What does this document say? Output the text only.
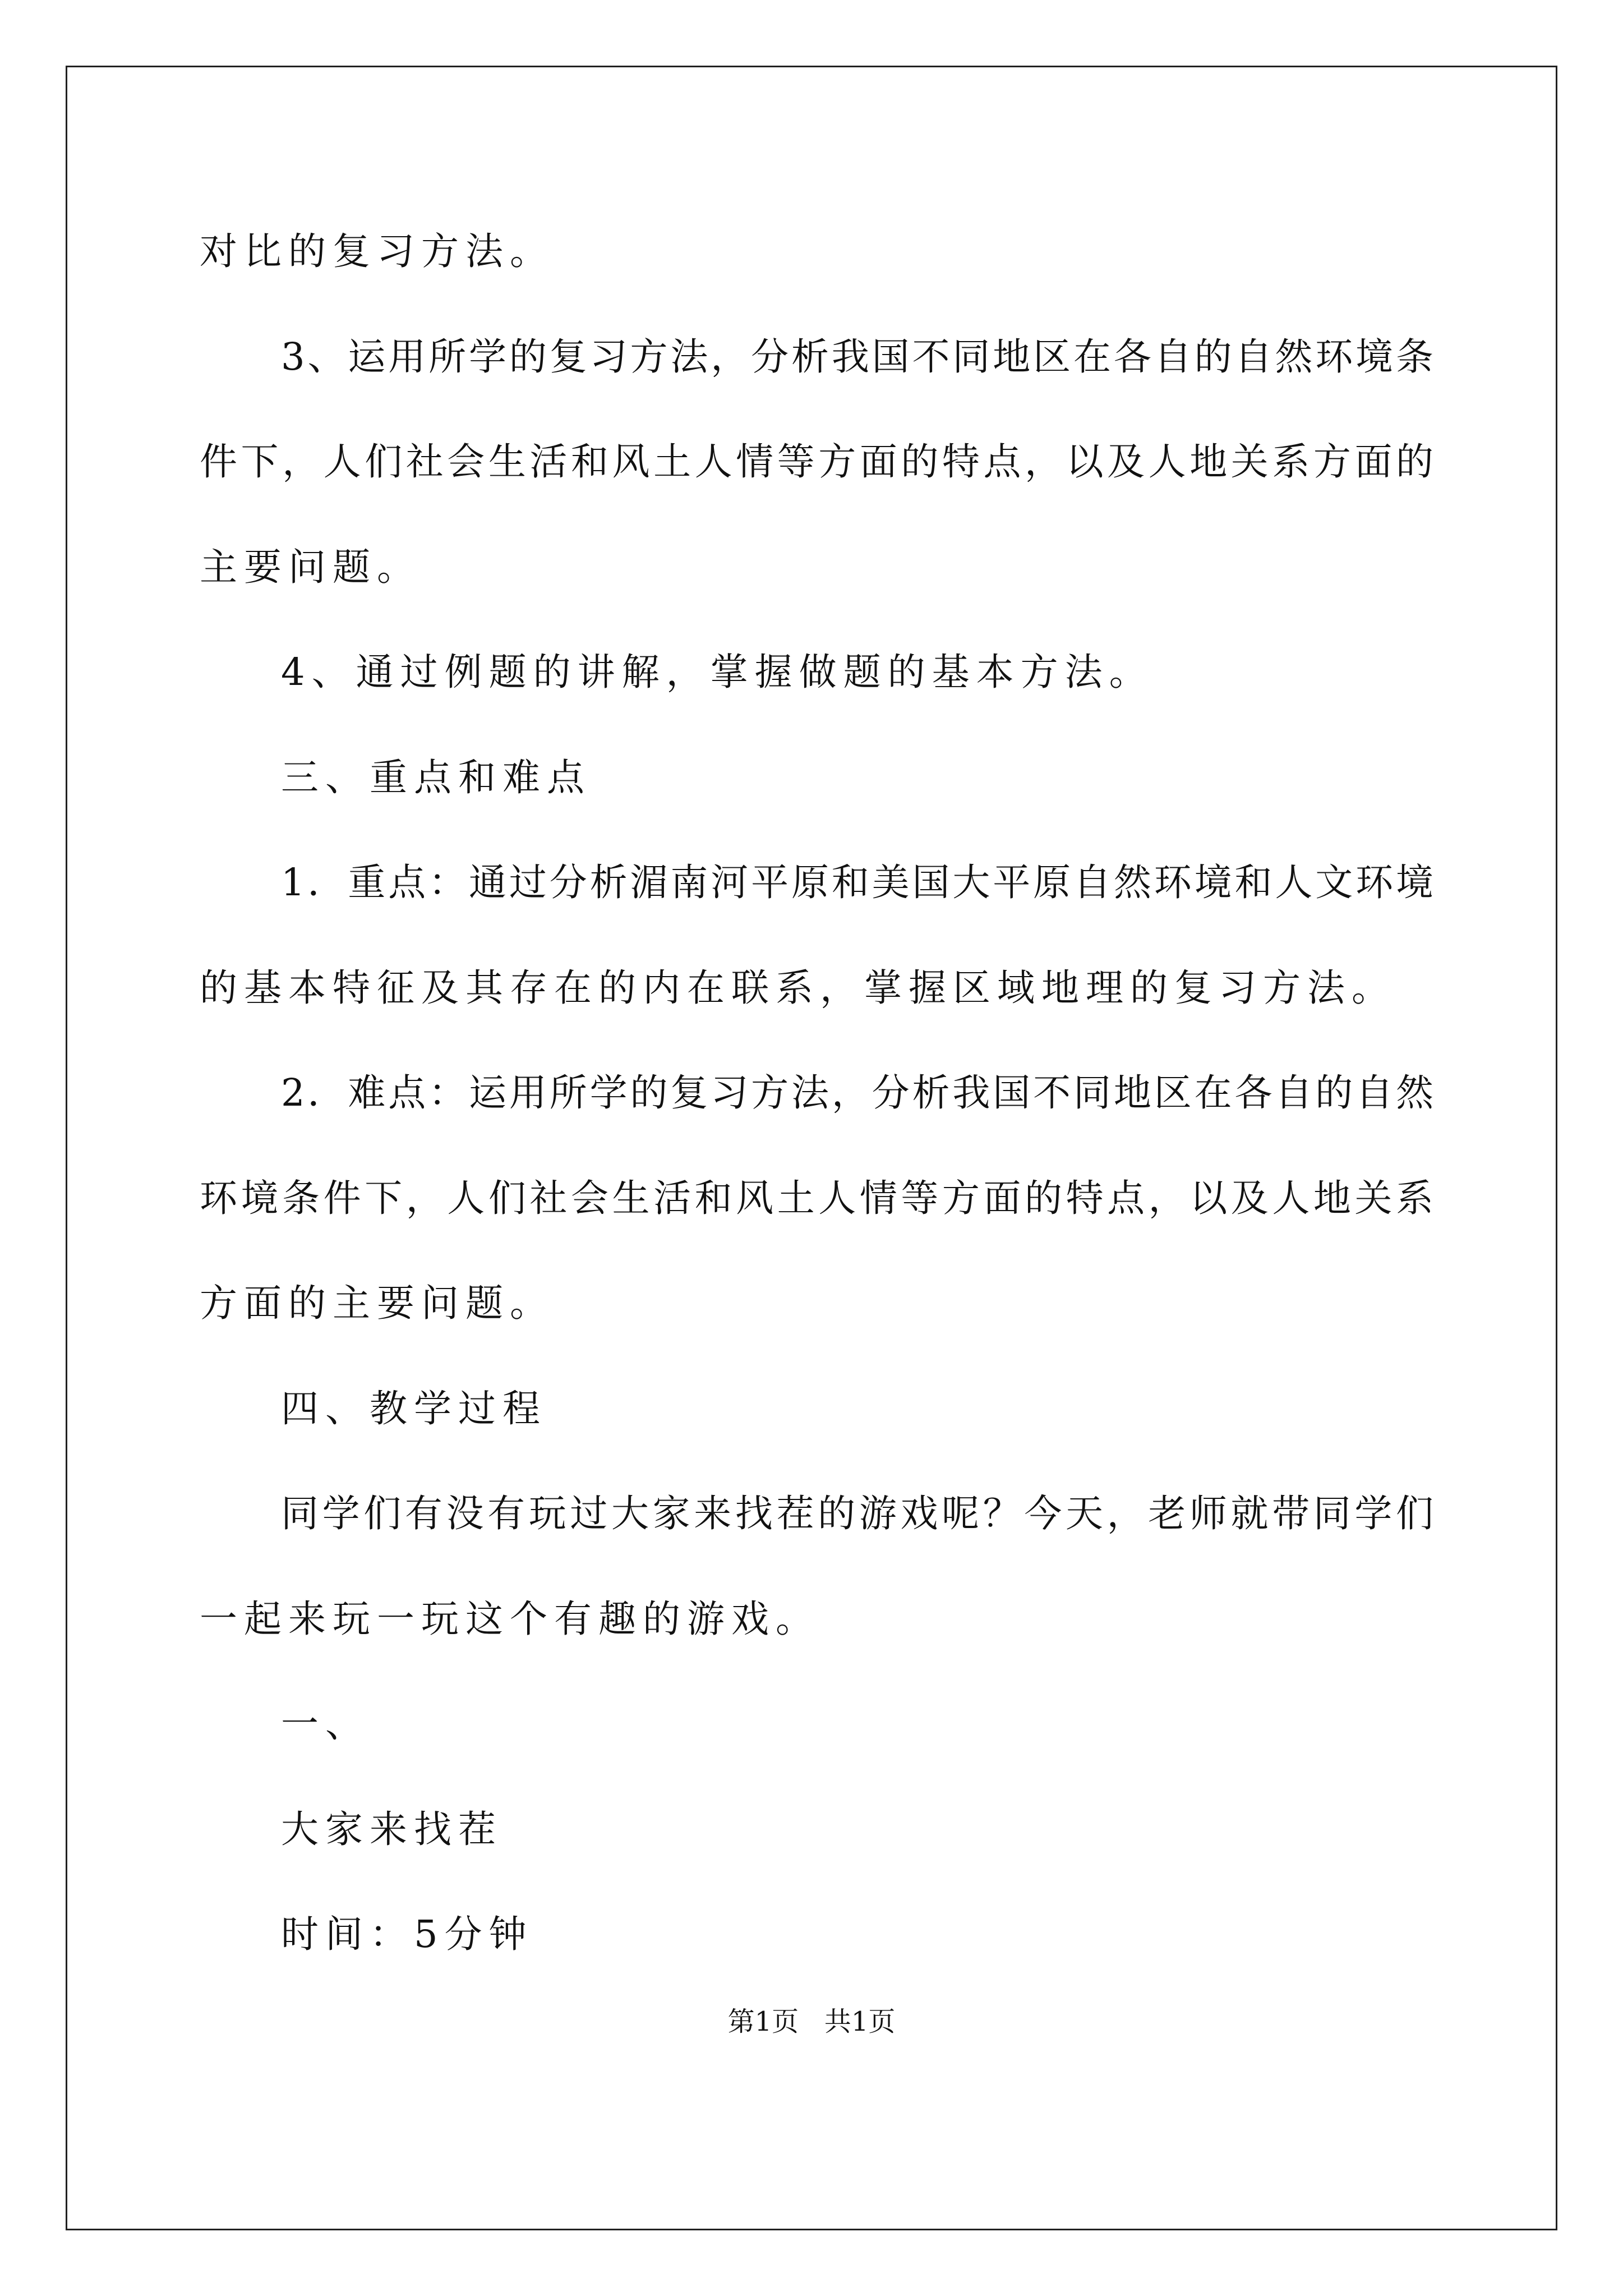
对比的复习方法。
3、运用所学的复习方法，分析我国不同地区在各自的自然环境条
件下，人们社会生活和风土人情等方面的特点，以及人地关系方面的
主要问题。
4、通过例题的讲解，掌握做题的基本方法。
三、重点和难点
1．重点：通过分析湄南河平原和美国大平原自然环境和人文环境
的基本特征及其存在的内在联系，掌握区域地理的复习方法。
2．难点：运用所学的复习方法，分析我国不同地区在各自的自然
环境条件下，人们社会生活和风土人情等方面的特点，以及人地关系
方面的主要问题。
四、教学过程
同学们有没有玩过大家来找茬的游戏呢？今天，老师就带同学们
一起来玩一玩这个有趣的游戏。
一、
大家来找茬
时间：5分钟
第1页   共1页
